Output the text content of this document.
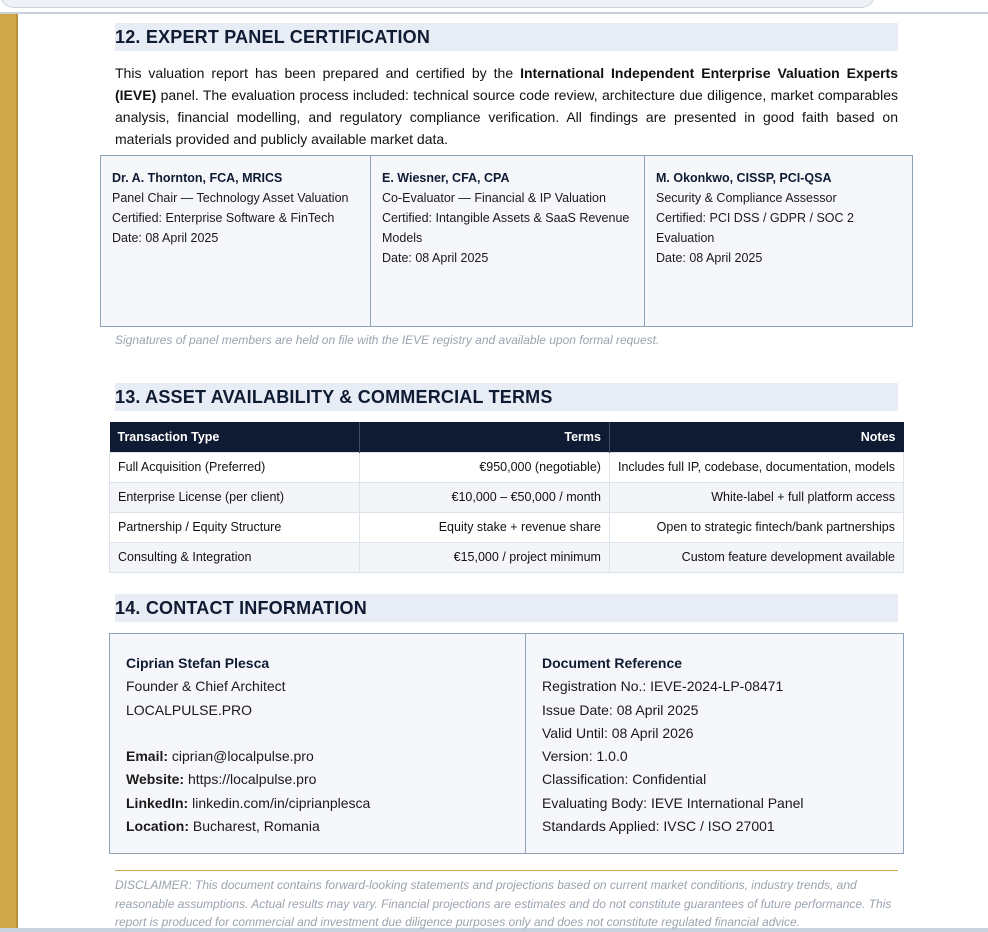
12. EXPERT PANEL CERTIFICATION

This valuation report has been prepared and certified by the International Independent Enterprise Valuation Experts (IEVE) panel. The evaluation process included: technical source code review, architecture due diligence, market comparables analysis, financial modelling, and regulatory compliance verification. All findings are presented in good faith based on materials provided and publicly available market data.

Dr. A. Thornton, FCA, MRICS
Panel Chair — Technology Asset Valuation
Certified: Enterprise Software & FinTech
Date: 08 April 2025
E. Wiesner, CFA, CPA
Co-Evaluator — Financial & IP Valuation
Certified: Intangible Assets & SaaS Revenue Models
Date: 08 April 2025
M. Okonkwo, CISSP, PCI-QSA
Security & Compliance Assessor
Certified: PCI DSS / GDPR / SOC 2 Evaluation
Date: 08 April 2025
Signatures of panel members are held on file with the IEVE registry and available upon formal request.
13. ASSET AVAILABILITY & COMMERCIAL TERMS
Transaction Type	Terms	Notes
Full Acquisition (Preferred)	€950,000 (negotiable)	Includes full IP, codebase, documentation, models
Enterprise License (per client)	€10,000 – €50,000 / month	White-label + full platform access
Partnership / Equity Structure	Equity stake + revenue share	Open to strategic fintech/bank partnerships
Consulting & Integration	€15,000 / project minimum	Custom feature development available
14. CONTACT INFORMATION
Ciprian Stefan Plesca
Founder & Chief Architect
LOCALPULSE.PRO
Email: ciprian@localpulse.pro
Website: https://localpulse.pro
LinkedIn: linkedin.com/in/ciprianplesca
Location: Bucharest, Romania
Document Reference
Registration No.: IEVE-2024-LP-08471
Issue Date: 08 April 2025
Valid Until: 08 April 2026
Version: 1.0.0
Classification: Confidential
Evaluating Body: IEVE International Panel
Standards Applied: IVSC / ISO 27001
DISCLAIMER: This document contains forward-looking statements and projections based on current market conditions, industry trends, and reasonable assumptions. Actual results may vary. Financial projections are estimates and do not constitute guarantees of future performance. This report is produced for commercial and investment due diligence purposes only and does not constitute regulated financial advice.
